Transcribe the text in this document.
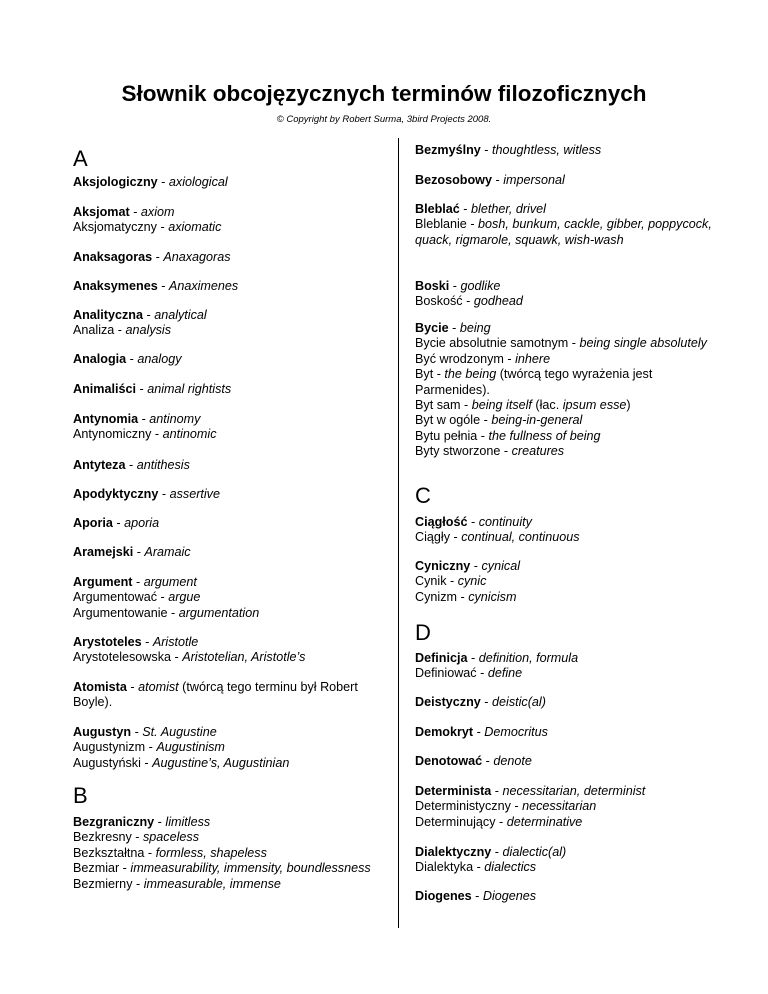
Słownik obcojęzycznych terminów filozoficznych
© Copyright by Robert Surma, 3bird Projects 2008.
A
Aksjologiczny - axiological
Aksjomat - axiom
Aksjomatyczny - axiomatic
Anaksagoras - Anaxagoras
Anaksymenes - Anaximenes
Analityczna - analytical
Analiza - analysis
Analogia - analogy
Animaliści - animal rightists
Antynomia - antinomy
Antynomiczny - antinomic
Antyteza - antithesis
Apodyktyczny - assertive
Aporia - aporia
Aramejski - Aramaic
Argument - argument
Argumentować - argue
Argumentowanie - argumentation
Arystoteles - Aristotle
Arystotelesowska - Aristotelian, Aristotle’s
Atomista - atomist (twórcą tego terminu był Robert Boyle).
Augustyn - St. Augustine
Augustynizm - Augustinism
Augustyński - Augustine’s, Augustinian
B
Bezgraniczny - limitless
Bezkresny - spaceless
Bezkształtna - formless, shapeless
Bezmiar - immeasurability, immensity, boundlessness
Bezmierny - immeasurable, immense
Bezmyślny - thoughtless, witless
Bezosobowy - impersonal
Bleblać - blether, drivel
Bleblanie - bosh, bunkum, cackle, gibber, poppycock, quack, rigmarole, squawk, wish-wash
Boski - godlike
Boskość - godhead
Bycie - being
Bycie absolutnie samotnym - being single absolutely
Być wrodzonym - inhere
Byt - the being (twórcą tego wyrażenia jest Parmenides).
Byt sam - being itself (łac. ipsum esse)
Byt w ogóle - being-in-general
Bytu pełnia - the fullness of being
Byty stworzone - creatures
C
Ciągłość - continuity
Ciągły - continual, continuous
Cyniczny - cynical
Cynik - cynic
Cynizm - cynicism
D
Definicja - definition, formula
Definiować - define
Deistyczny - deistic(al)
Demokryt - Democritus
Denotować - denote
Determinista - necessitarian, determinist
Deterministyczny - necessitarian
Determinujący - determinative
Dialektyczny - dialectic(al)
Dialektyka - dialectics
Diogenes - Diogenes
